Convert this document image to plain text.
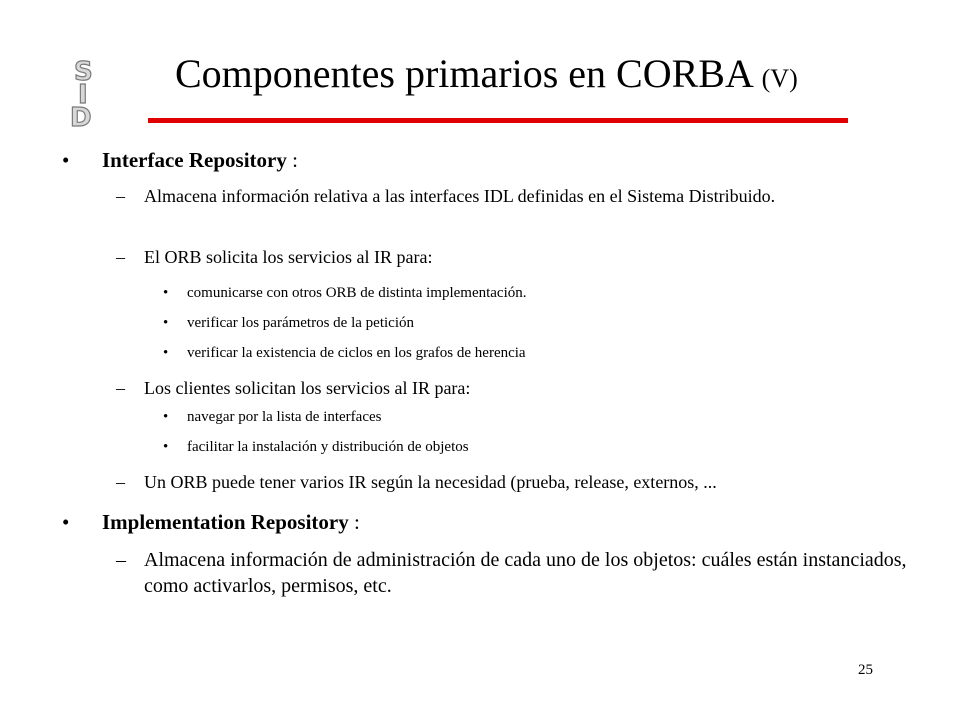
S
I
D
Componentes primarios en CORBA (V)
• Interface Repository :
– Almacena información relativa a las interfaces IDL definidas en el Sistema Distribuido.
– El ORB solicita los servicios al IR para:
• comunicarse con otros ORB de distinta implementación.
• verificar los parámetros de la petición
• verificar la existencia de ciclos en los grafos de herencia
– Los clientes solicitan los servicios al IR para:
• navegar por la lista de interfaces
• facilitar la instalación y distribución de objetos
– Un ORB puede tener varios IR según la necesidad (prueba, release, externos, ...
• Implementation Repository :
– Almacena información de administración de cada uno de los objetos: cuáles están instanciados, como activarlos, permisos, etc.
25
